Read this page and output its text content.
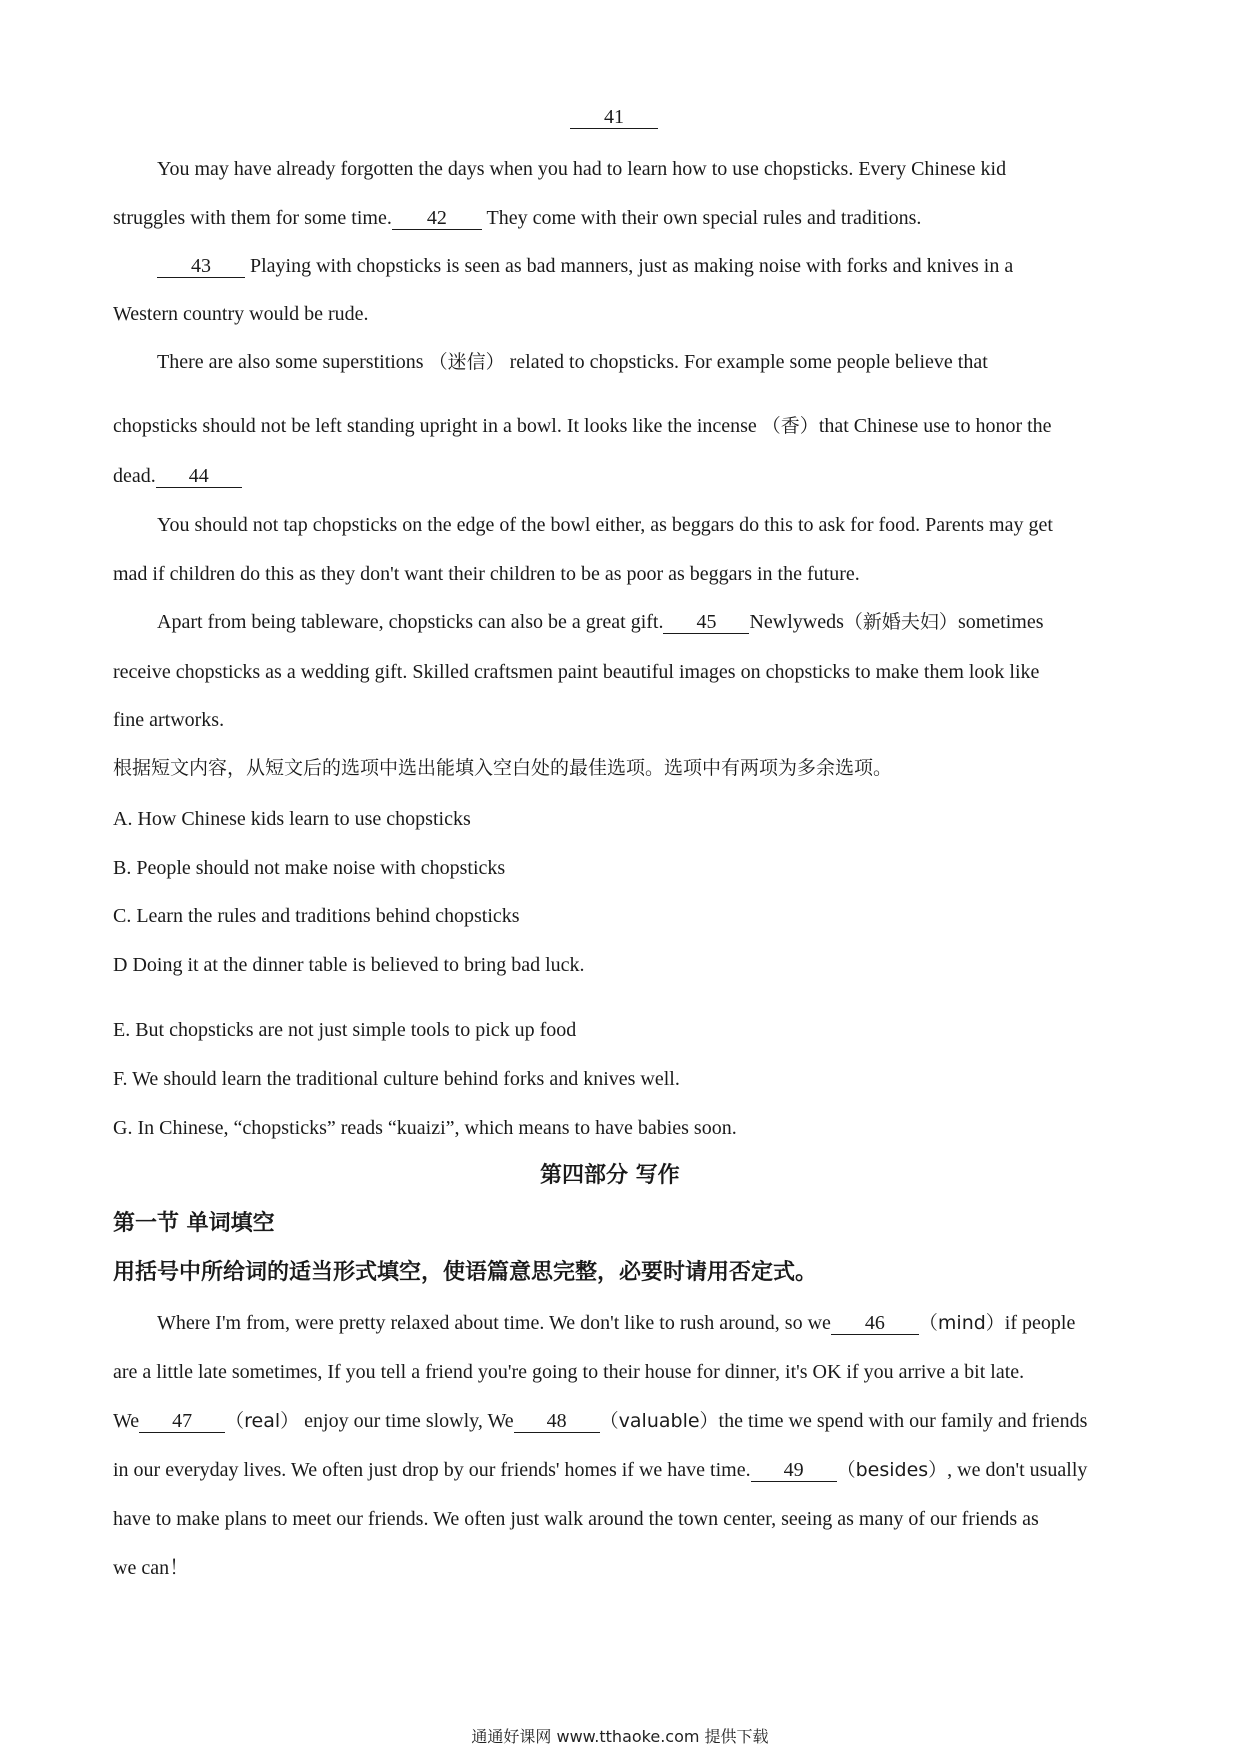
41
You may have already forgotten the days when you had to learn how to use chopsticks. Every Chinese kid
struggles with them for some time. 42 They come with their own special rules and traditions.
43 Playing with chopsticks is seen as bad manners, just as making noise with forks and knives in a
Western country would be rude.
There are also some superstitions （迷信） related to chopsticks. For example some people believe that
chopsticks should not be left standing upright in a bowl. It looks like the incense （香）that Chinese use to honor the
dead. 44
You should not tap chopsticks on the edge of the bowl either, as beggars do this to ask for food. Parents may get
mad if children do this as they don't want their children to be as poor as beggars in the future.
Apart from being tableware, chopsticks can also be a great gift. 45 Newlyweds（新婚夫妇）sometimes
receive chopsticks as a wedding gift. Skilled craftsmen paint beautiful images on chopsticks to make them look like
fine artworks.
根据短文内容，从短文后的选项中选出能填入空白处的最佳选项。选项中有两项为多余选项。
A. How Chinese kids learn to use chopsticks
B. People should not make noise with chopsticks
C. Learn the rules and traditions behind chopsticks
D Doing it at the dinner table is believed to bring bad luck.
E. But chopsticks are not just simple tools to pick up food
F. We should learn the traditional culture behind forks and knives well.
G. In Chinese, “chopsticks” reads “kuaizi”, which means to have babies soon.
第四部分 写作
第一节 单词填空
用括号中所给词的适当形式填空，使语篇意思完整，必要时请用否定式。
Where I'm from, were pretty relaxed about time. We don't like to rush around, so we 46 （mind）if people
are a little late sometimes, If you tell a friend you're going to their house for dinner, it's OK if you arrive a bit late.
We 47 （real） enjoy our time slowly, We 48 （valuable）the time we spend with our family and friends
in our everyday lives. We often just drop by our friends' homes if we have time. 49 （besides）, we don't usually
have to make plans to meet our friends. We often just walk around the town center, seeing as many of our friends as
we can！
通通好课网 www.tthaoke.com 提供下载
